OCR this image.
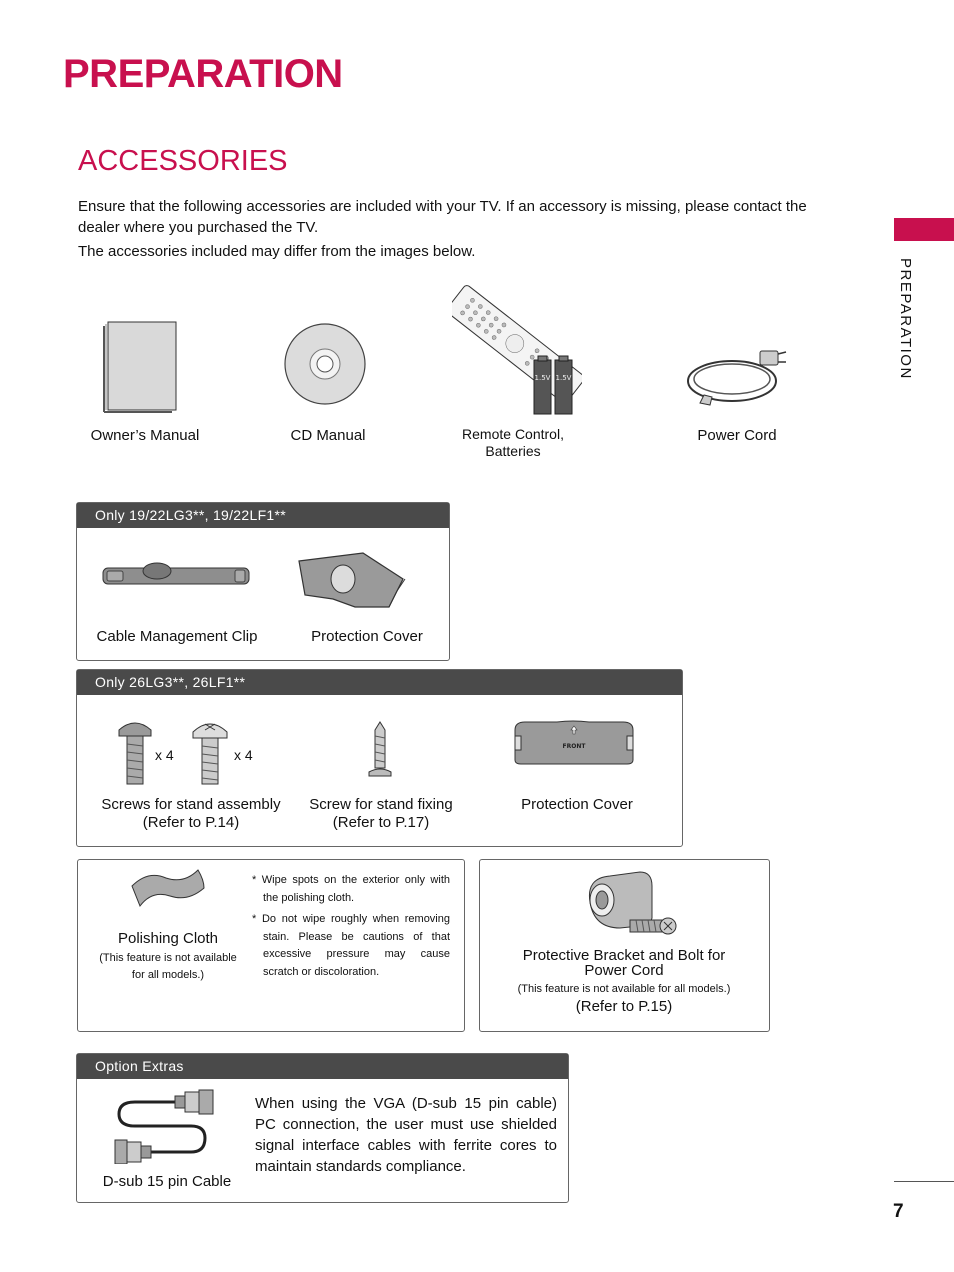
PREPARATION
ACCESSORIES

Ensure that the following accessories are included with your TV. If an accessory is missing, please contact the dealer where you purchased the TV.

The accessories included may differ from the images below.

PREPARATION
Owner’s Manual	CD Manual
1.5V 1.5V
Remote Control,
Batteries
Power Cord
Only 19/22LG3**, 19/22LF1**
Cable Management Clip	Protection Cover
Only 26LG3**, 26LF1**
x 4	x 4
Screws for stand assembly
(Refer to P.14)
Screw for stand fixing
(Refer to P.17)
FRONT
Protection Cover
Polishing Cloth
(This feature is not available
for all models.)

* Wipe spots on the exterior only with the polishing cloth.

* Do not wipe roughly when removing stain. Please be cautions of that excessive pressure may cause scratch or discoloration.

Protective Bracket and Bolt for
Power Cord
(This feature is not available for all models.)
(Refer to P.15)
Option Extras
D-sub 15 pin Cable
When using the VGA (D-sub 15 pin cable) PC connection, the user must use shielded signal interface cables with ferrite cores to maintain standards compliance.
7
